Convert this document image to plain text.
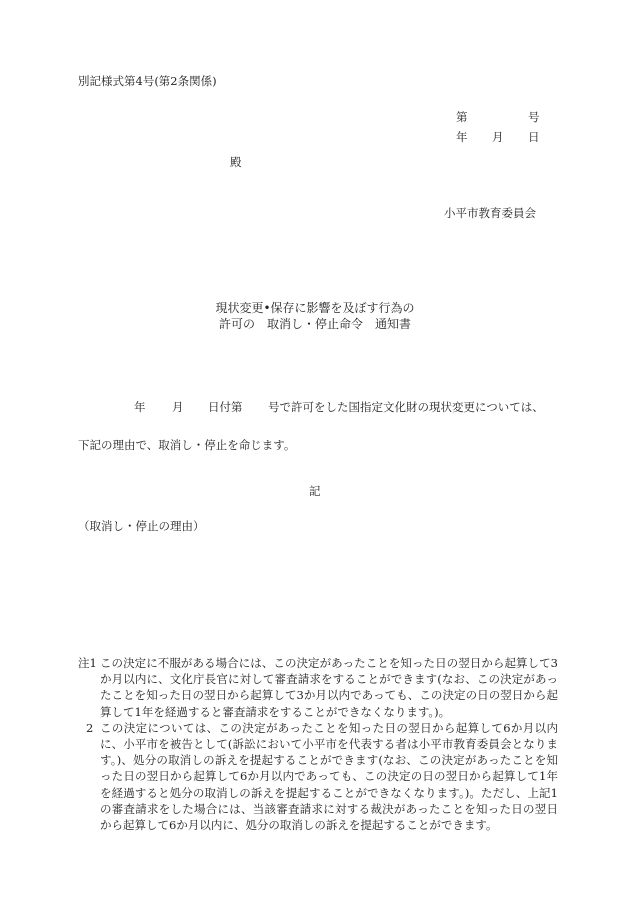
別記様式第4号(第2条関係)
第	号
年 月 日
殿
小平市教育委員会
現状変更•保存に影響を及ぼす行為の
許可の　取消し・停止命令　通知書
年 月 日付第 号で許可をした国指定文化財の現状変更については、
下記の理由で、取消し・停止を命じます。
記
（取消し・停止の理由）
注1 この決定に不服がある場合には、この決定があったことを知った日の翌日から起算して3か月以内に、文化庁長官に対して審査請求をすることができます(なお、この決定があったことを知った日の翌日から起算して3か月以内であっても、この決定の日の翌日から起算して1年を経過すると審査請求をすることができなくなります。)。
2 この決定については、この決定があったことを知った日の翌日から起算して6か月以内に、小平市を被告として(訴訟において小平市を代表する者は小平市教育委員会となります。)、処分の取消しの訴えを提起することができます(なお、この決定があったことを知った日の翌日から起算して6か月以内であっても、この決定の日の翌日から起算して1年を経過すると処分の取消しの訴えを提起することができなくなります。)。ただし、上記1の審査請求をした場合には、当該審査請求に対する裁決があったことを知った日の翌日から起算して6か月以内に、処分の取消しの訴えを提起することができます。
